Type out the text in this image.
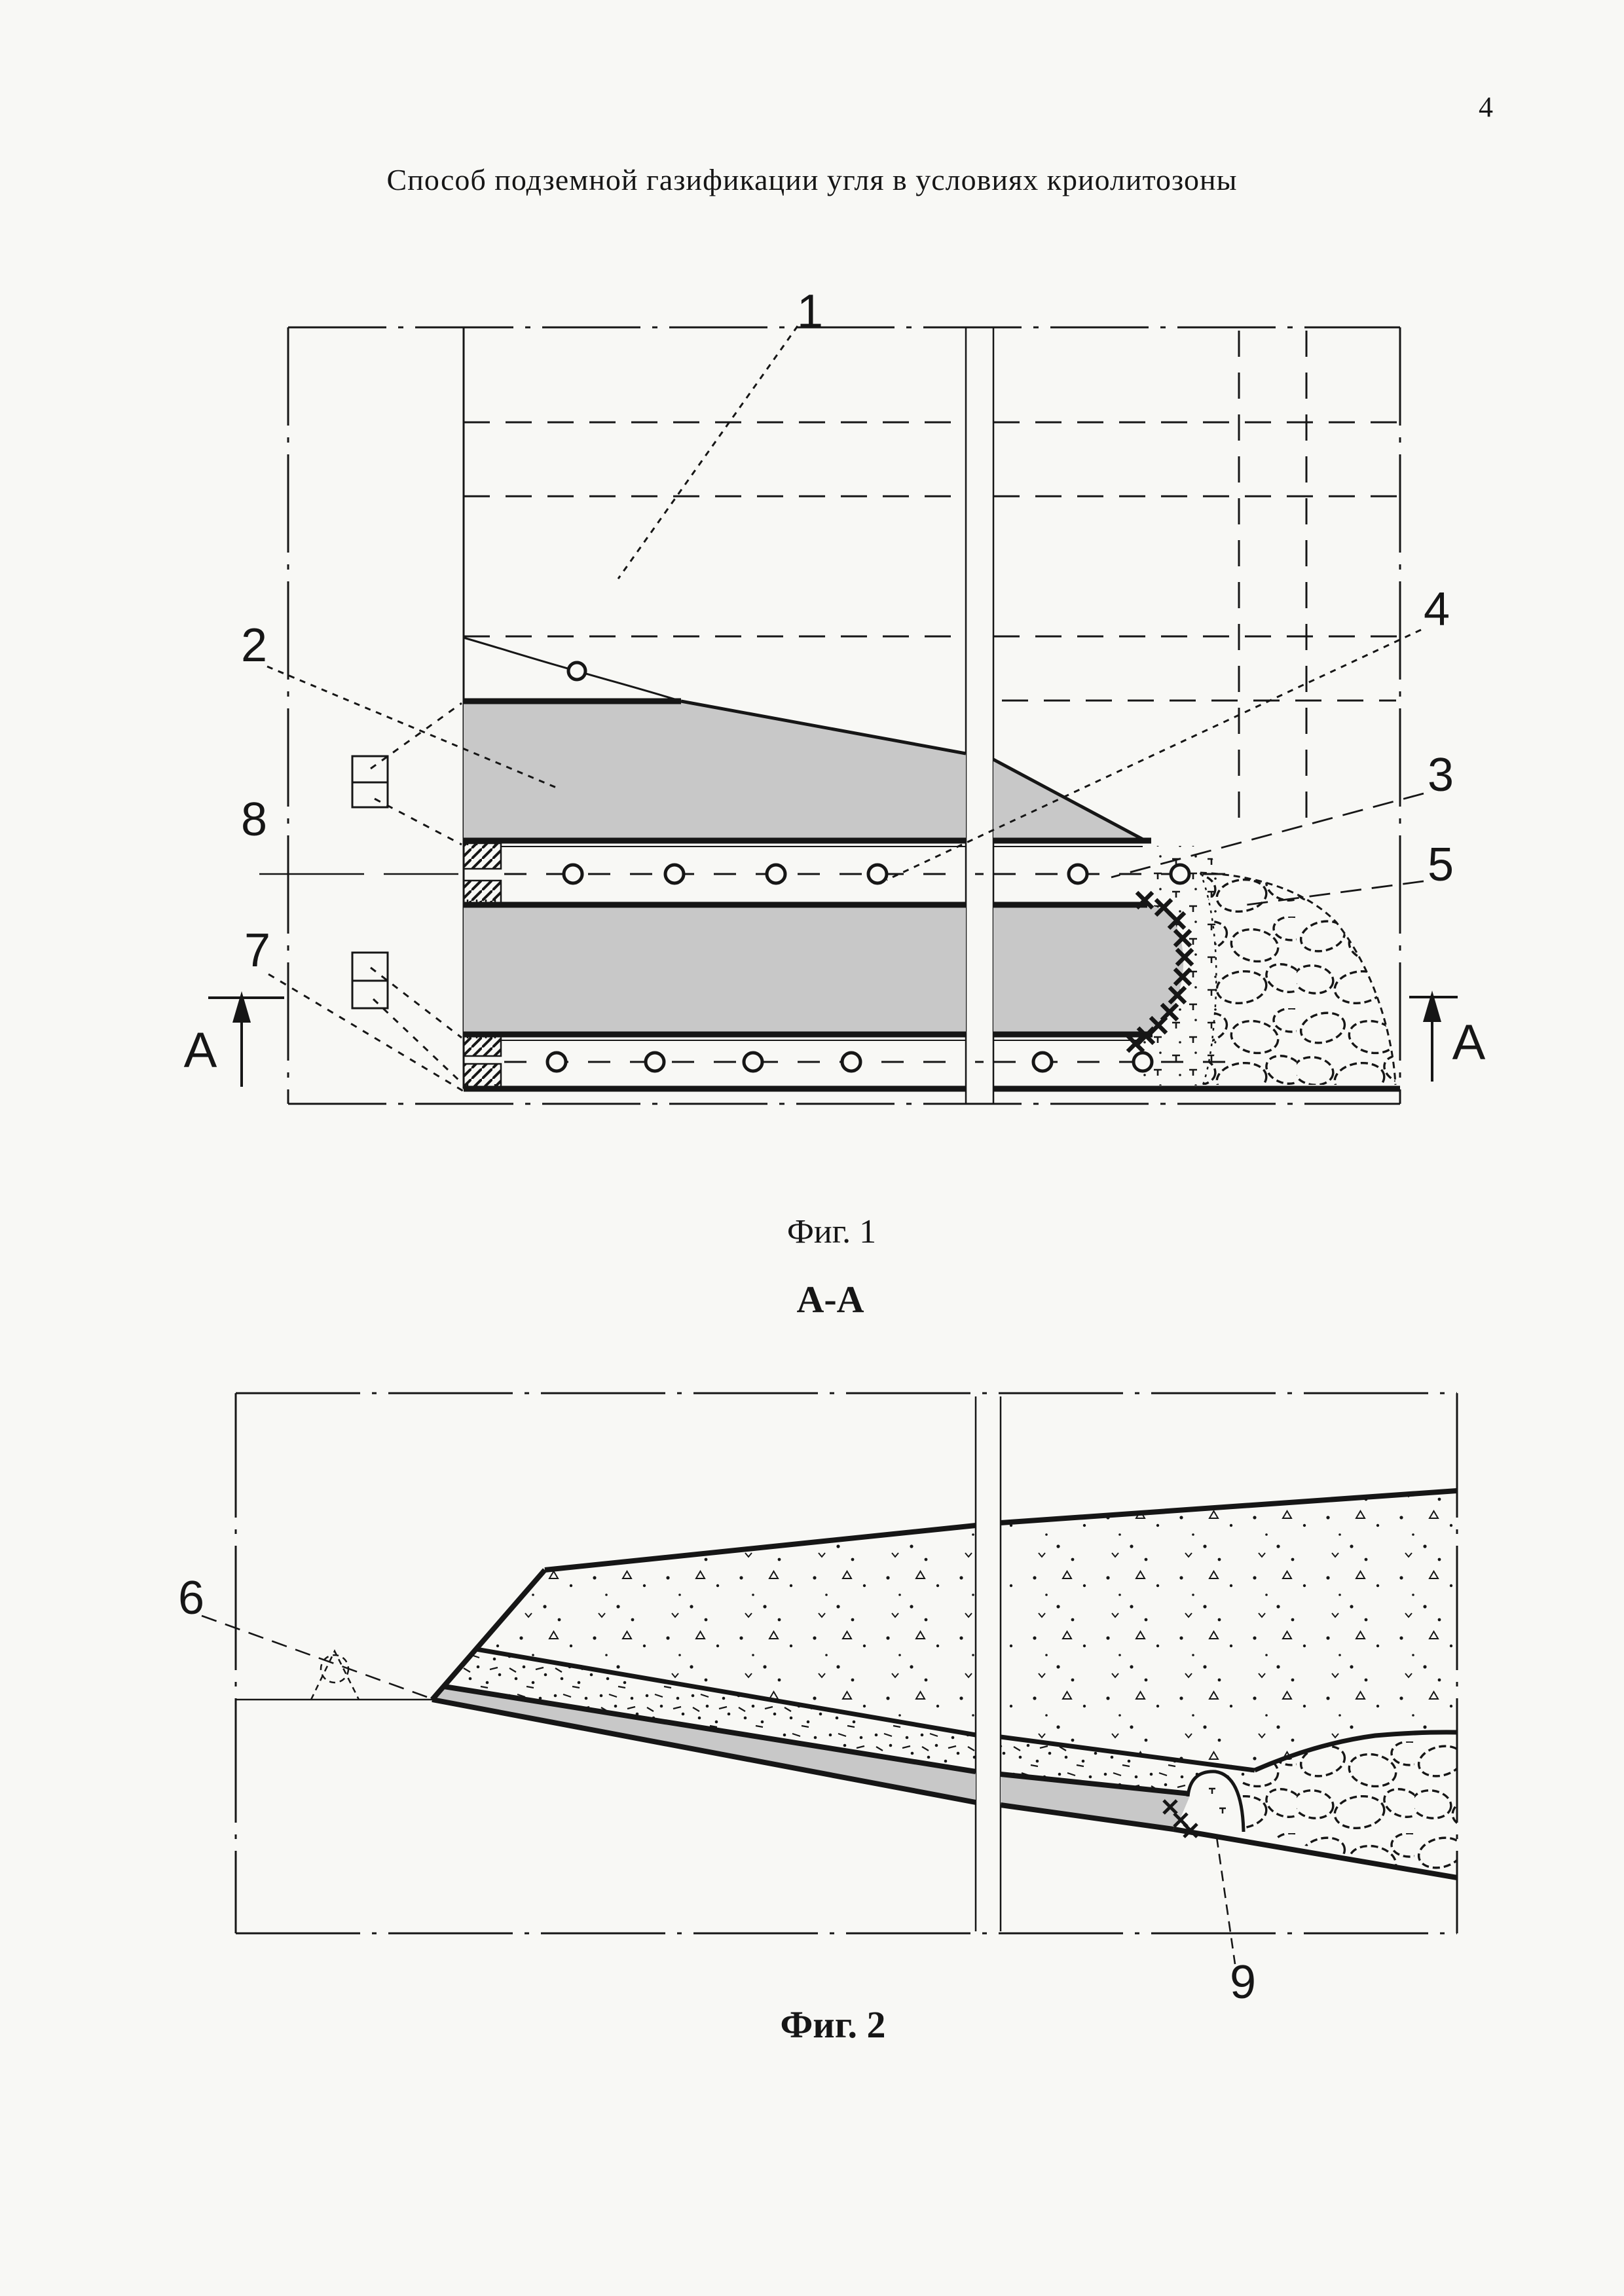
4
Способ подземной газификации угля в условиях криолитозоны
А	А
1
2
4
3
5
8
7
Фиг. 1
А-А
6
9
Фиг. 2
